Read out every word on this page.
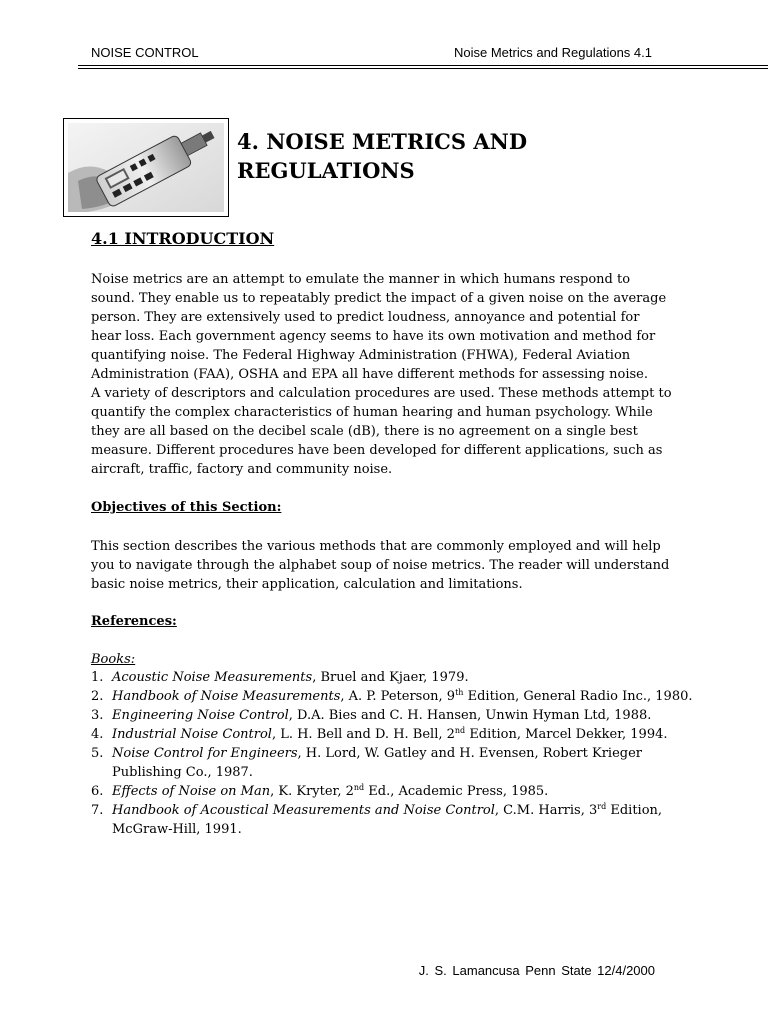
NOISE CONTROL	Noise Metrics and Regulations 4.1
4. NOISE METRICS AND REGULATIONS
4.1 INTRODUCTION

Noise metrics are an attempt to emulate the manner in which humans respond to
sound. They enable us to repeatably predict the impact of a given noise on the average
person. They are extensively used to predict loudness, annoyance and potential for
hear loss. Each government agency seems to have its own motivation and method for
quantifying noise. The Federal Highway Administration (FHWA), Federal Aviation
Administration (FAA), OSHA and EPA all have different methods for assessing noise.
A variety of descriptors and calculation procedures are used. These methods attempt to
quantify the complex characteristics of human hearing and human psychology. While
they are all based on the decibel scale (dB), there is no agreement on a single best
measure. Different procedures have been developed for different applications, such as
aircraft, traffic, factory and community noise.

Objectives of this Section:

This section describes the various methods that are commonly employed and will help
you to navigate through the alphabet soup of noise metrics. The reader will understand
basic noise metrics, their application, calculation and limitations.

References:
Books:
1. Acoustic Noise Measurements, Bruel and Kjaer, 1979.
2. Handbook of Noise Measurements, A. P. Peterson, 9th Edition, General Radio Inc., 1980.
3. Engineering Noise Control, D.A. Bies and C. H. Hansen, Unwin Hyman Ltd, 1988.
4. Industrial Noise Control, L. H. Bell and D. H. Bell, 2nd Edition, Marcel Dekker, 1994.
5. Noise Control for Engineers, H. Lord, W. Gatley and H. Evensen, Robert Krieger Publishing Co., 1987.
6. Effects of Noise on Man, K. Kryter, 2nd Ed., Academic Press, 1985.
7. Handbook of Acoustical Measurements and Noise Control, C.M. Harris, 3rd Edition, McGraw-Hill, 1991.
J. S. Lamancusa Penn State 12/4/2000
